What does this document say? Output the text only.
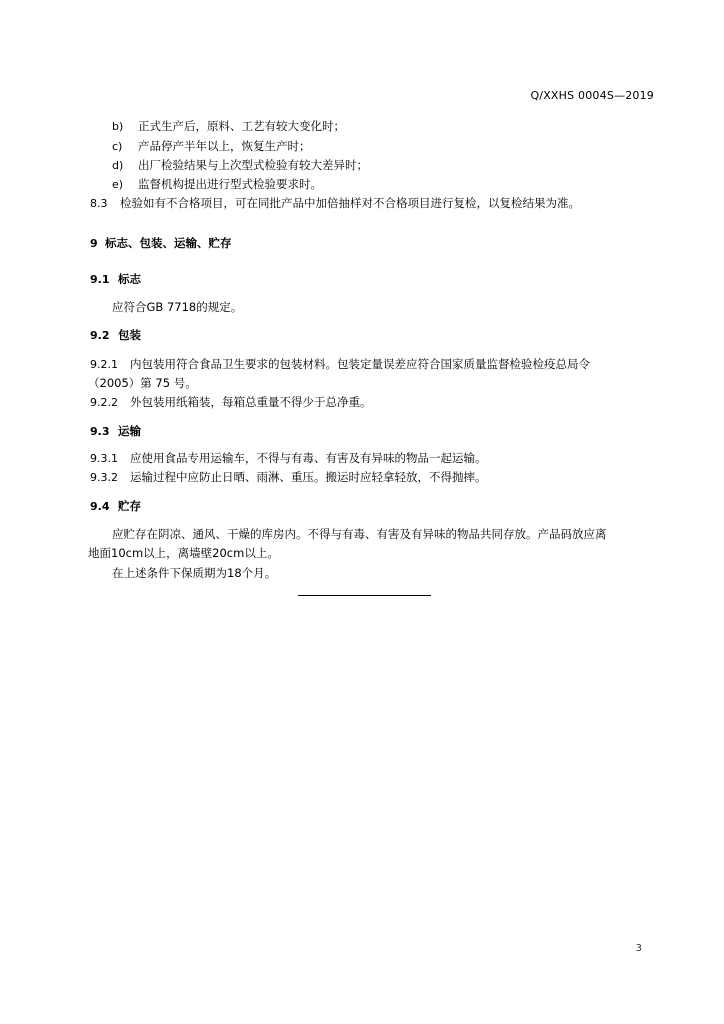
Q/XXHS 0004S—2019
b) 正式生产后，原料、工艺有较大变化时；
c) 产品停产半年以上，恢复生产时；
d) 出厂检验结果与上次型式检验有较大差异时；
e) 监督机构提出进行型式检验要求时。
8.3 检验如有不合格项目，可在同批产品中加倍抽样对不合格项目进行复检，以复检结果为准。
9 标志、包装、运输、贮存
9.1 标志
应符合GB 7718的规定。
9.2 包装
9.2.1 内包装用符合食品卫生要求的包装材料。包装定量误差应符合国家质量监督检验检疫总局令
（2005）第 75 号。
9.2.2 外包装用纸箱装，每箱总重量不得少于总净重。
9.3 运输
9.3.1 应使用食品专用运输车，不得与有毒、有害及有异味的物品一起运输。
9.3.2 运输过程中应防止日晒、雨淋、重压。搬运时应轻拿轻放，不得抛摔。
9.4 贮存
应贮存在阴凉、通风、干燥的库房内。不得与有毒、有害及有异味的物品共同存放。产品码放应离
地面10cm以上，离墙壁20cm以上。
在上述条件下保质期为18个月。
3
